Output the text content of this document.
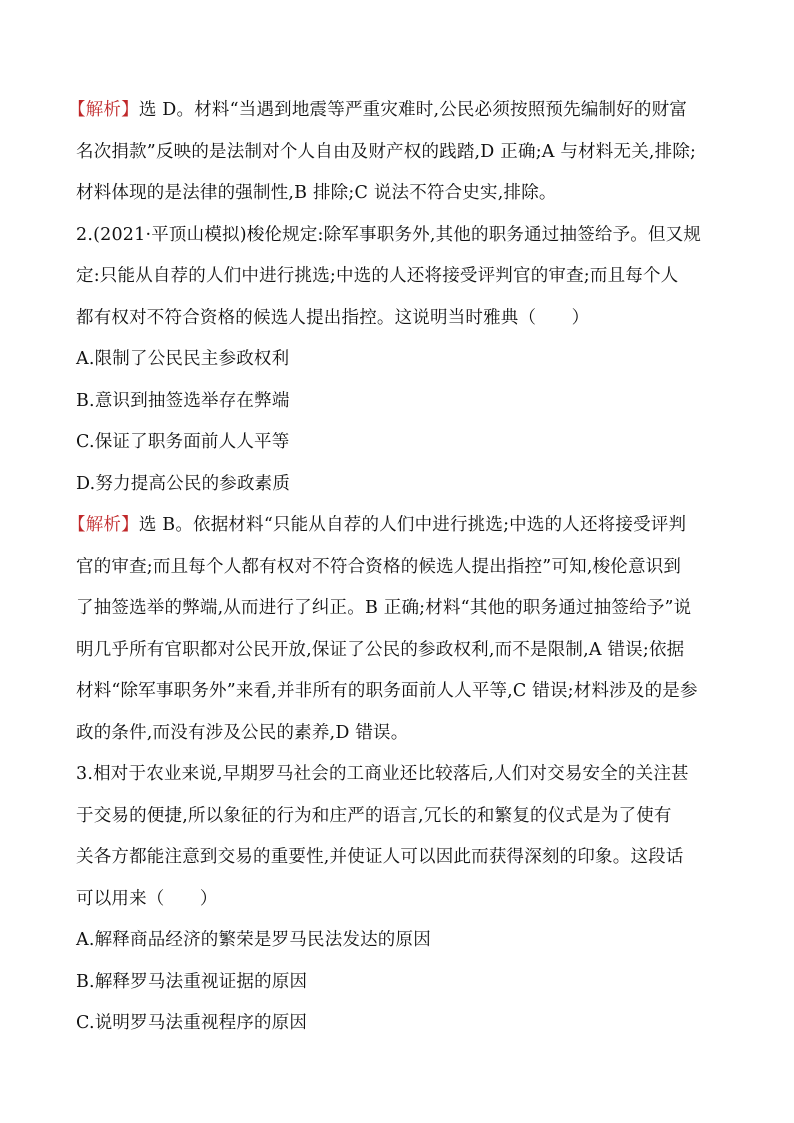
【解析】选 D。材料“当遇到地震等严重灾难时,公民必须按照预先编制好的财富
名次捐款”反映的是法制对个人自由及财产权的践踏,D 正确;A 与材料无关,排除;
材料体现的是法律的强制性,B 排除;C 说法不符合史实,排除。
2.(2021·平顶山模拟)梭伦规定:除军事职务外,其他的职务通过抽签给予。但又规
定:只能从自荐的人们中进行挑选;中选的人还将接受评判官的审查;而且每个人
都有权对不符合资格的候选人提出指控。这说明当时雅典（　　）
A.限制了公民民主参政权利
B.意识到抽签选举存在弊端
C.保证了职务面前人人平等
D.努力提高公民的参政素质
【解析】选 B。依据材料“只能从自荐的人们中进行挑选;中选的人还将接受评判
官的审查;而且每个人都有权对不符合资格的候选人提出指控”可知,梭伦意识到
了抽签选举的弊端,从而进行了纠正。B 正确;材料“其他的职务通过抽签给予”说
明几乎所有官职都对公民开放,保证了公民的参政权利,而不是限制,A 错误;依据
材料“除军事职务外”来看,并非所有的职务面前人人平等,C 错误;材料涉及的是参
政的条件,而没有涉及公民的素养,D 错误。
3.相对于农业来说,早期罗马社会的工商业还比较落后,人们对交易安全的关注甚
于交易的便捷,所以象征的行为和庄严的语言,冗长的和繁复的仪式是为了使有
关各方都能注意到交易的重要性,并使证人可以因此而获得深刻的印象。这段话
可以用来（　　）
A.解释商品经济的繁荣是罗马民法发达的原因
B.解释罗马法重视证据的原因
C.说明罗马法重视程序的原因
